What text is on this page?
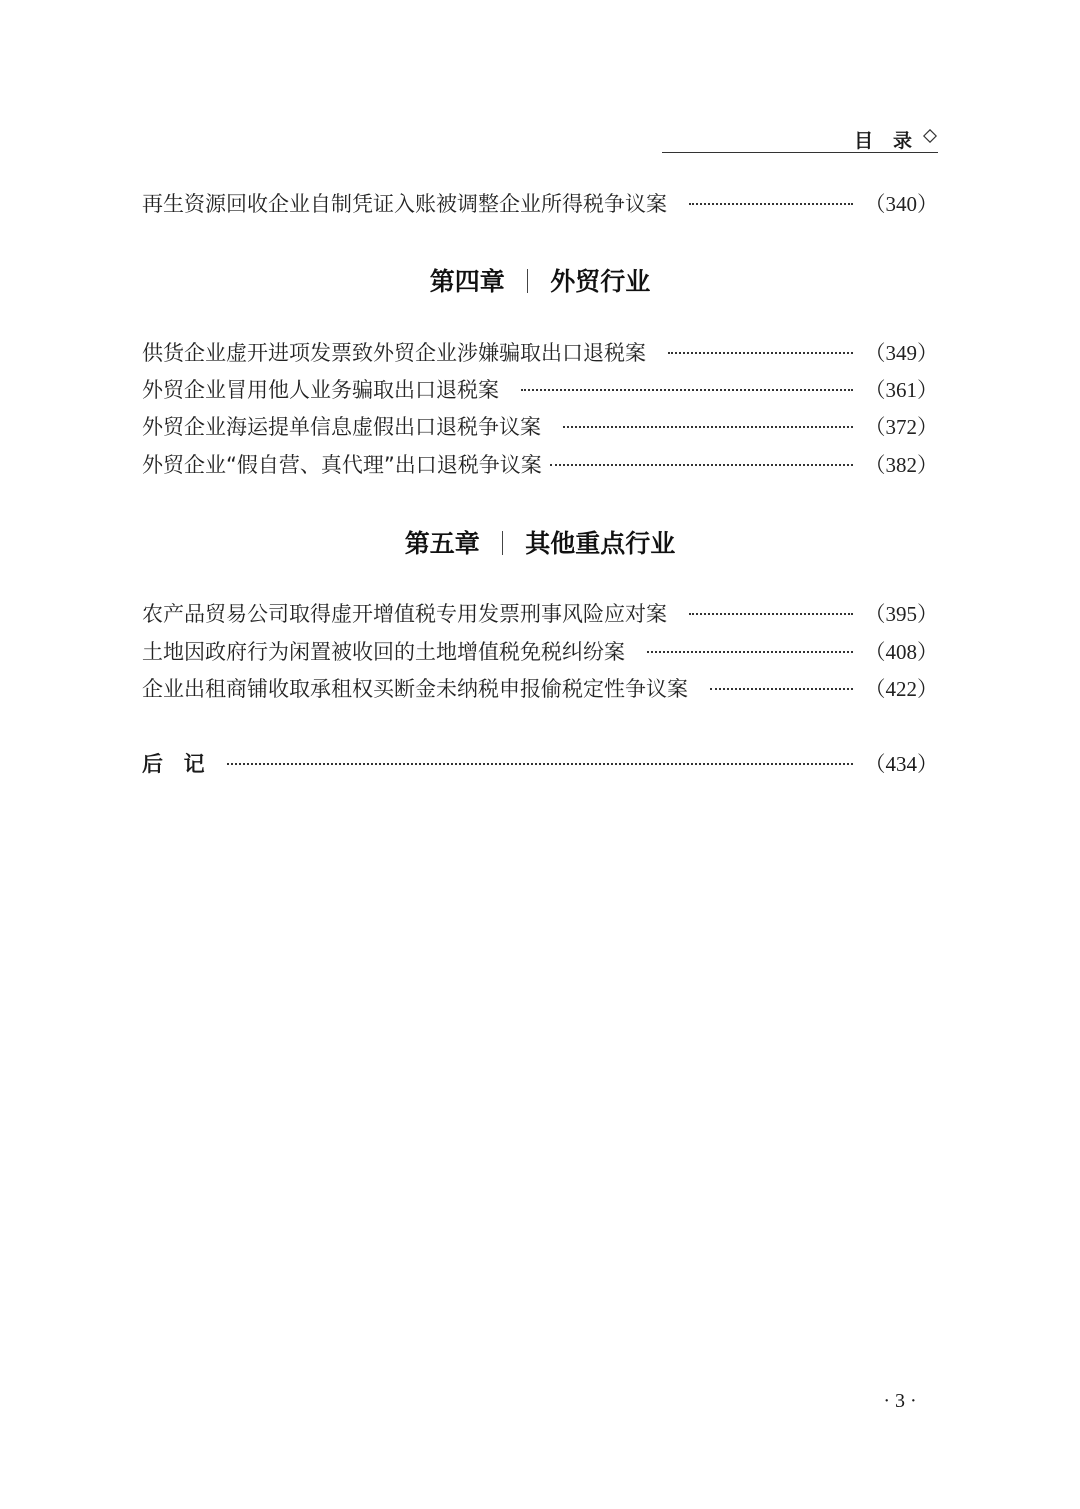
目   录
再生资源回收企业自制凭证入账被调整企业所得税争议案	（340）
第四章 外贸行业
供货企业虚开进项发票致外贸企业涉嫌骗取出口退税案	（349）
外贸企业冒用他人业务骗取出口退税案	（361）
外贸企业海运提单信息虚假出口退税争议案	（372）
外贸企业“假自营、真代理”出口退税争议案	（382）
第五章 其他重点行业
农产品贸易公司取得虚开增值税专用发票刑事风险应对案	（395）
土地因政府行为闲置被收回的土地增值税免税纠纷案	（408）
企业出租商铺收取承租权买断金未纳税申报偷税定性争议案	（422）
后  记	（434）
· 3 ·
